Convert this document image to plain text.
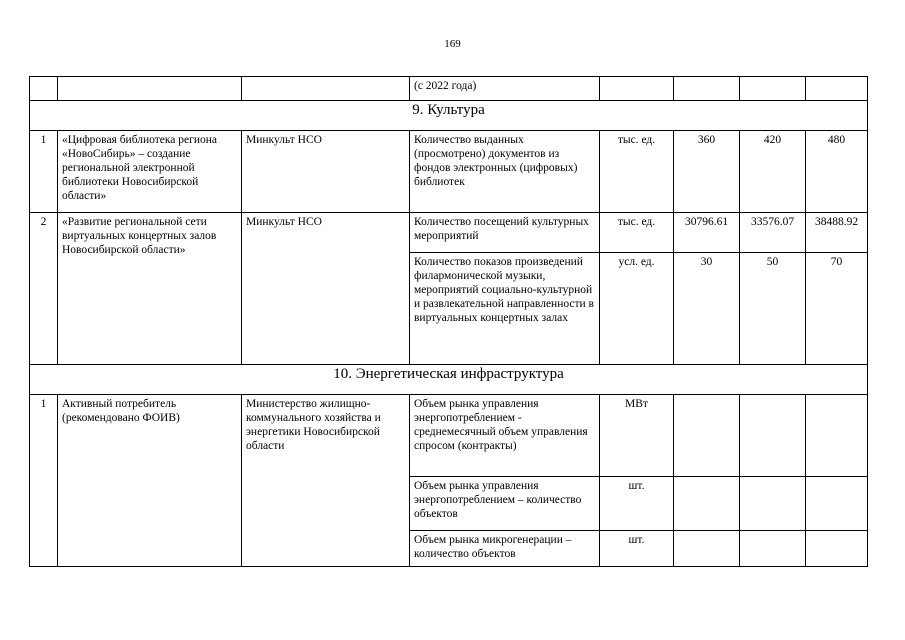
169
			(с 2022 года)				
9. Культура							
1	«Цифровая библиотека региона «НовоСибирь» – создание региональной электронной библиотеки Новосибирской области»	Минкульт НСО	Количество выданных (просмотрено) документов из фондов электронных (цифровых) библиотек	тыс. ед.	360	420	480
2	«Развитие региональной сети виртуальных концертных залов Новосибирской области»	Минкульт НСО	Количество посещений культурных мероприятий	тыс. ед.	30796.61	33576.07	38488.92
			Количество показов произведений филармонической музыки, мероприятий социально-культурной и развлекательной направленности в виртуальных концертных залах	усл. ед.	30	50	70
10. Энергетическая инфраструктура							
1	Активный потребитель (рекомендовано ФОИВ)	Министерство жилищно-коммунального хозяйства и энергетики Новосибирской области	Объем рынка управления энергопотреблением - среднемесячный объем управления спросом (контракты)	МВт			
			Объем рынка управления энергопотреблением – количество объектов	шт.			
			Объем рынка микрогенерации – количество объектов	шт.			
